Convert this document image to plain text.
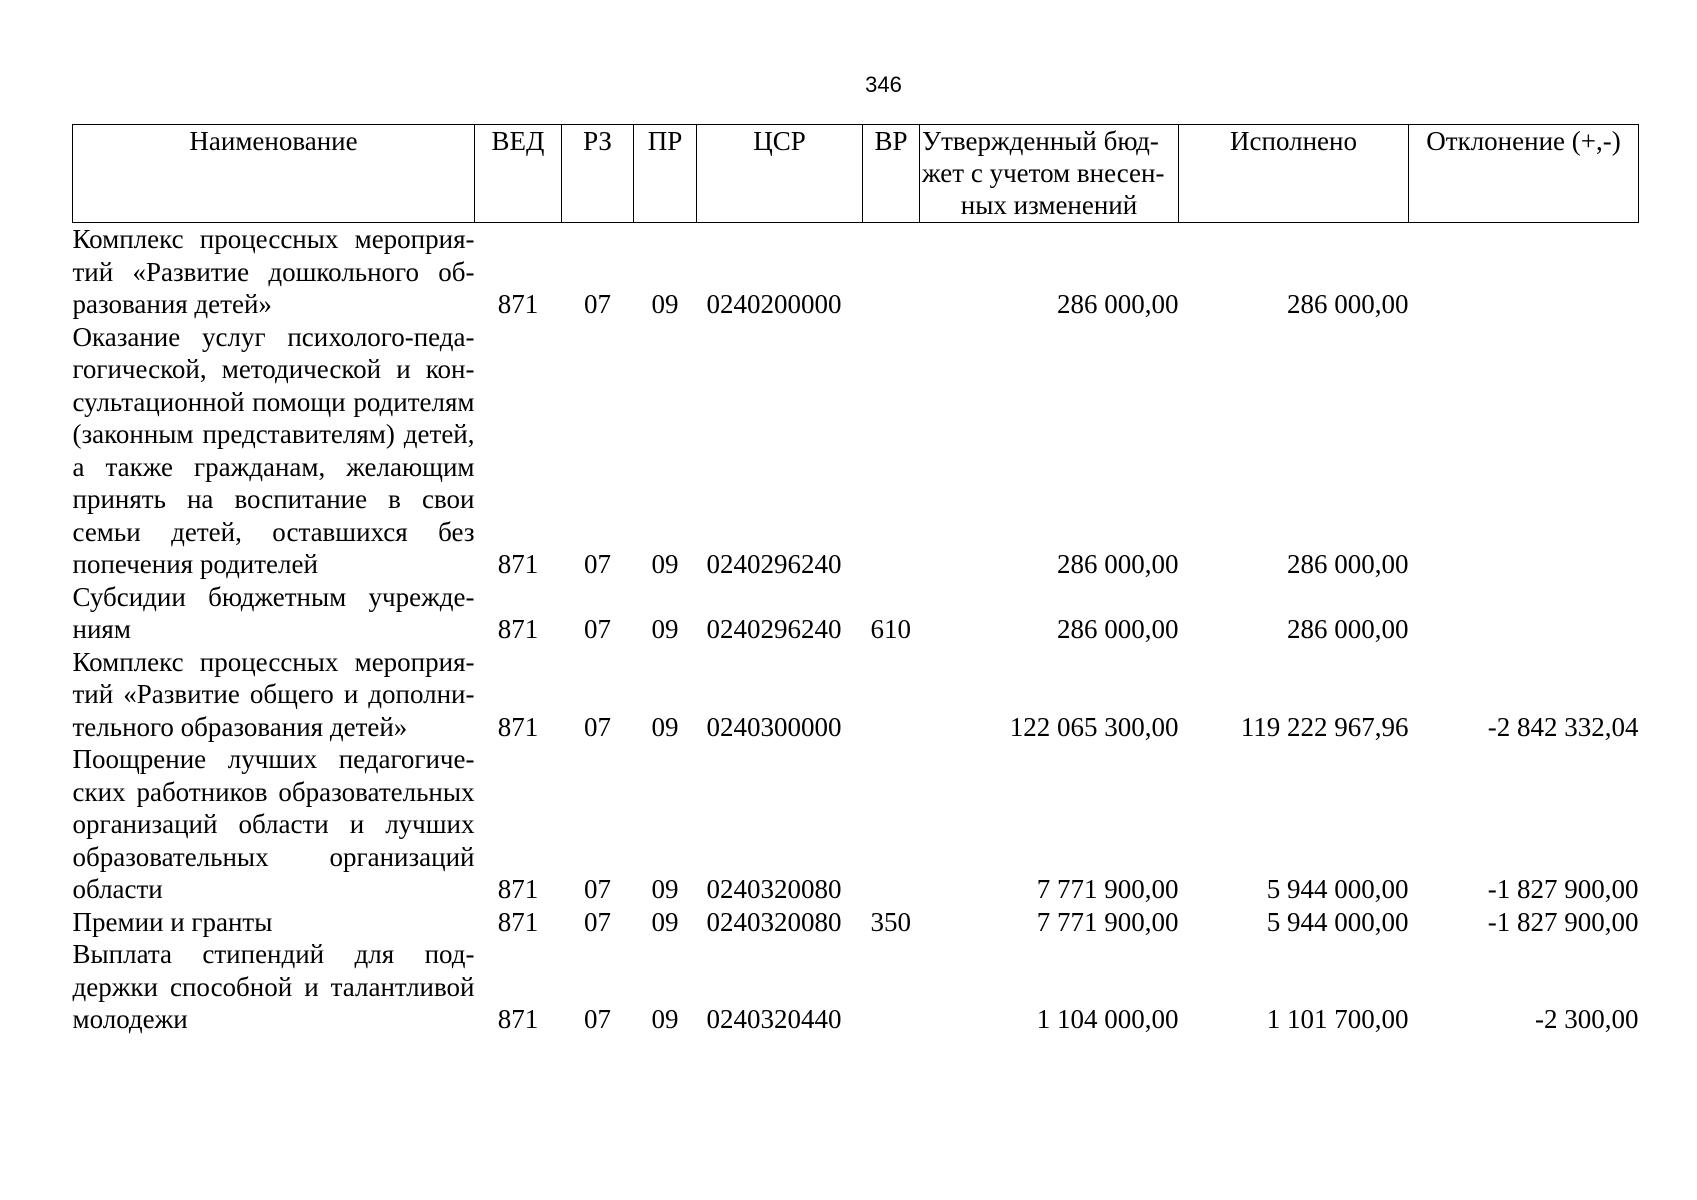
346
Наименование	ВЕД	РЗ	ПР	ЦСР	ВР	Утвержденный бюд-
жет с учетом внесен-
ных изменений	Исполнено	Отклонение (+,-)
Комплекс процессных мероприятий «Развитие дошкольного образования детей»	871	07	09	0240200000		286 000,00	286 000,00	
Оказание услуг психолого-педагогической, методической и консультационной помощи родителям (законным представителям) детей, а также гражданам, желающим принять на воспитание в свои семьи детей, оставшихся без попечения родителей	871	07	09	0240296240		286 000,00	286 000,00	
Субсидии бюджетным учреждениям	871	07	09	0240296240	610	286 000,00	286 000,00	
Комплекс процессных мероприятий «Развитие общего и дополнительного образования детей»	871	07	09	0240300000		122 065 300,00	119 222 967,96	-2 842 332,04
Поощрение лучших педагогических работников образовательных организаций области и лучших образовательных организаций области	871	07	09	0240320080		7 771 900,00	5 944 000,00	-1 827 900,00
Премии и гранты	871	07	09	0240320080	350	7 771 900,00	5 944 000,00	-1 827 900,00
Выплата стипендий для поддержки способной и талантливой молодежи	871	07	09	0240320440		1 104 000,00	1 101 700,00	-2 300,00
